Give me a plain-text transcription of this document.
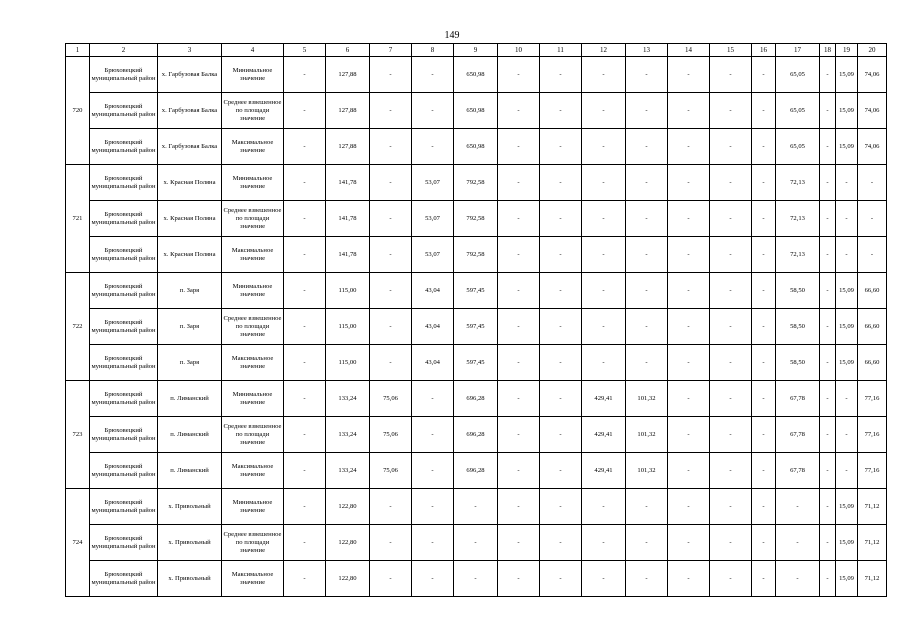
149
1	2	3	4	5	6	7	8	9	10	11	12	13	14	15	16	17	18	19	20
720	Брюховецкий муниципальный район	х. Гарбузовая Балка	Минимальное значение	-	127,88	-	-	650,98	-	-	-	-	-	-	-	65,05	-	15,09	74,06
	Брюховецкий муниципальный район	х. Гарбузовая Балка	Среднее взвешенное по площади значение	-	127,88	-	-	650,98	-	-	-	-	-	-	-	65,05	-	15,09	74,06
	Брюховецкий муниципальный район	х. Гарбузовая Балка	Максимальное значение	-	127,88	-	-	650,98	-	-	-	-	-	-	-	65,05	-	15,09	74,06
721	Брюховецкий муниципальный район	х. Красная Поляна	Минимальное значение	-	141,78	-	53,07	792,58	-	-	-	-	-	-	-	72,13	-	-	-
	Брюховецкий муниципальный район	х. Красная Поляна	Среднее взвешенное по площади значение	-	141,78	-	53,07	792,58	-	-	-	-	-	-	-	72,13	-	-	-
	Брюховецкий муниципальный район	х. Красная Поляна	Максимальное значение	-	141,78	-	53,07	792,58	-	-	-	-	-	-	-	72,13	-	-	-
722	Брюховецкий муниципальный район	п. Заря	Минимальное значение	-	115,00	-	43,04	597,45	-	-	-	-	-	-	-	58,50	-	15,09	66,60
	Брюховецкий муниципальный район	п. Заря	Среднее взвешенное по площади значение	-	115,00	-	43,04	597,45	-	-	-	-	-	-	-	58,50	-	15,09	66,60
	Брюховецкий муниципальный район	п. Заря	Максимальное значение	-	115,00	-	43,04	597,45	-	-	-	-	-	-	-	58,50	-	15,09	66,60
723	Брюховецкий муниципальный район	п. Лиманский	Минимальное значение	-	133,24	75,06	-	696,28	-	-	429,41	101,32	-	-	-	67,78	-	-	77,16
	Брюховецкий муниципальный район	п. Лиманский	Среднее взвешенное по площади значение	-	133,24	75,06	-	696,28	-	-	429,41	101,32	-	-	-	67,78	-	-	77,16
	Брюховецкий муниципальный район	п. Лиманский	Максимальное значение	-	133,24	75,06	-	696,28	-	-	429,41	101,32	-	-	-	67,78	-	-	77,16
724	Брюховецкий муниципальный район	х. Привольный	Минимальное значение	-	122,80	-	-	-	-	-	-	-	-	-	-	-	-	15,09	71,12
	Брюховецкий муниципальный район	х. Привольный	Среднее взвешенное по площади значение	-	122,80	-	-	-	-	-	-	-	-	-	-	-	-	15,09	71,12
	Брюховецкий муниципальный район	х. Привольный	Максимальное значение	-	122,80	-	-	-	-	-	-	-	-	-	-	-	-	15,09	71,12
